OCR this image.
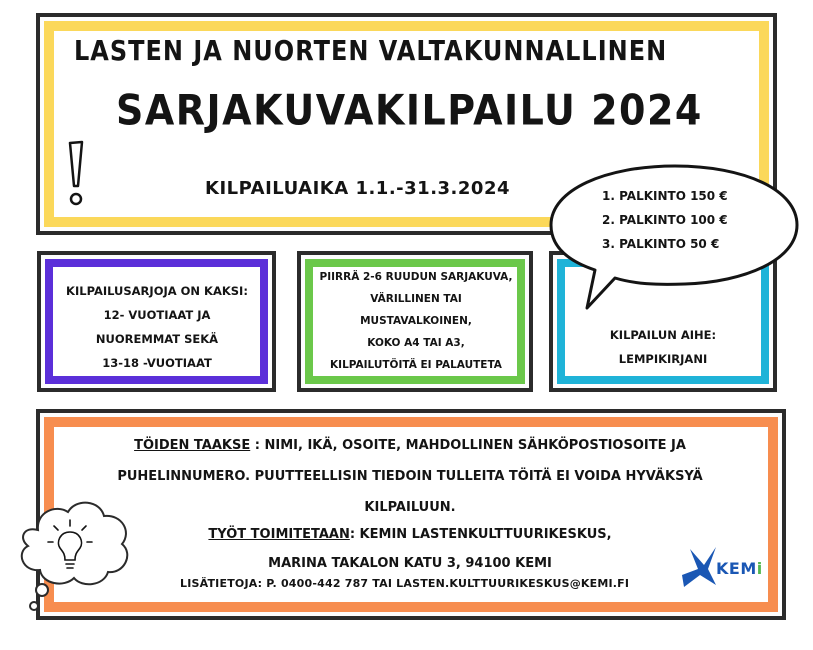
LASTEN JA NUORTEN VALTAKUNNALLINEN
SARJAKUVAKILPAILU 2024
KILPAILUAIKA 1.1.-31.3.2024
KILPAILUSARJOJA ON KAKSI:
12- VUOTIAAT JA
NUOREMMAT SEKÄ
13-18 -VUOTIAAT
PIIRRÄ 2-6 RUUDUN SARJAKUVA,
VÄRILLINEN TAI
MUSTAVALKOINEN,
KOKO A4 TAI A3,
KILPAILUTÖITÄ EI PALAUTETA
KILPAILUN AIHE:
LEMPIKIRJANI
1. PALKINTO 150 €
2. PALKINTO 100 €
3. PALKINTO 50 €
TÖIDEN TAAKSE : NIMI, IKÄ, OSOITE, MAHDOLLINEN SÄHKÖPOSTIOSOITE JA
PUHELINNUMERO. PUUTTEELLISIN TIEDOIN TULLEITA TÖITÄ EI VOIDA HYVÄKSYÄ
KILPAILUUN.
TYÖT TOIMITETAAN: KEMIN LASTENKULTTUURIKESKUS,
MARINA TAKALON KATU 3, 94100 KEMI
LISÄTIETOJA: P. 0400-442 787 TAI LASTEN.KULTTUURIKESKUS@KEMI.FI
KEMi
